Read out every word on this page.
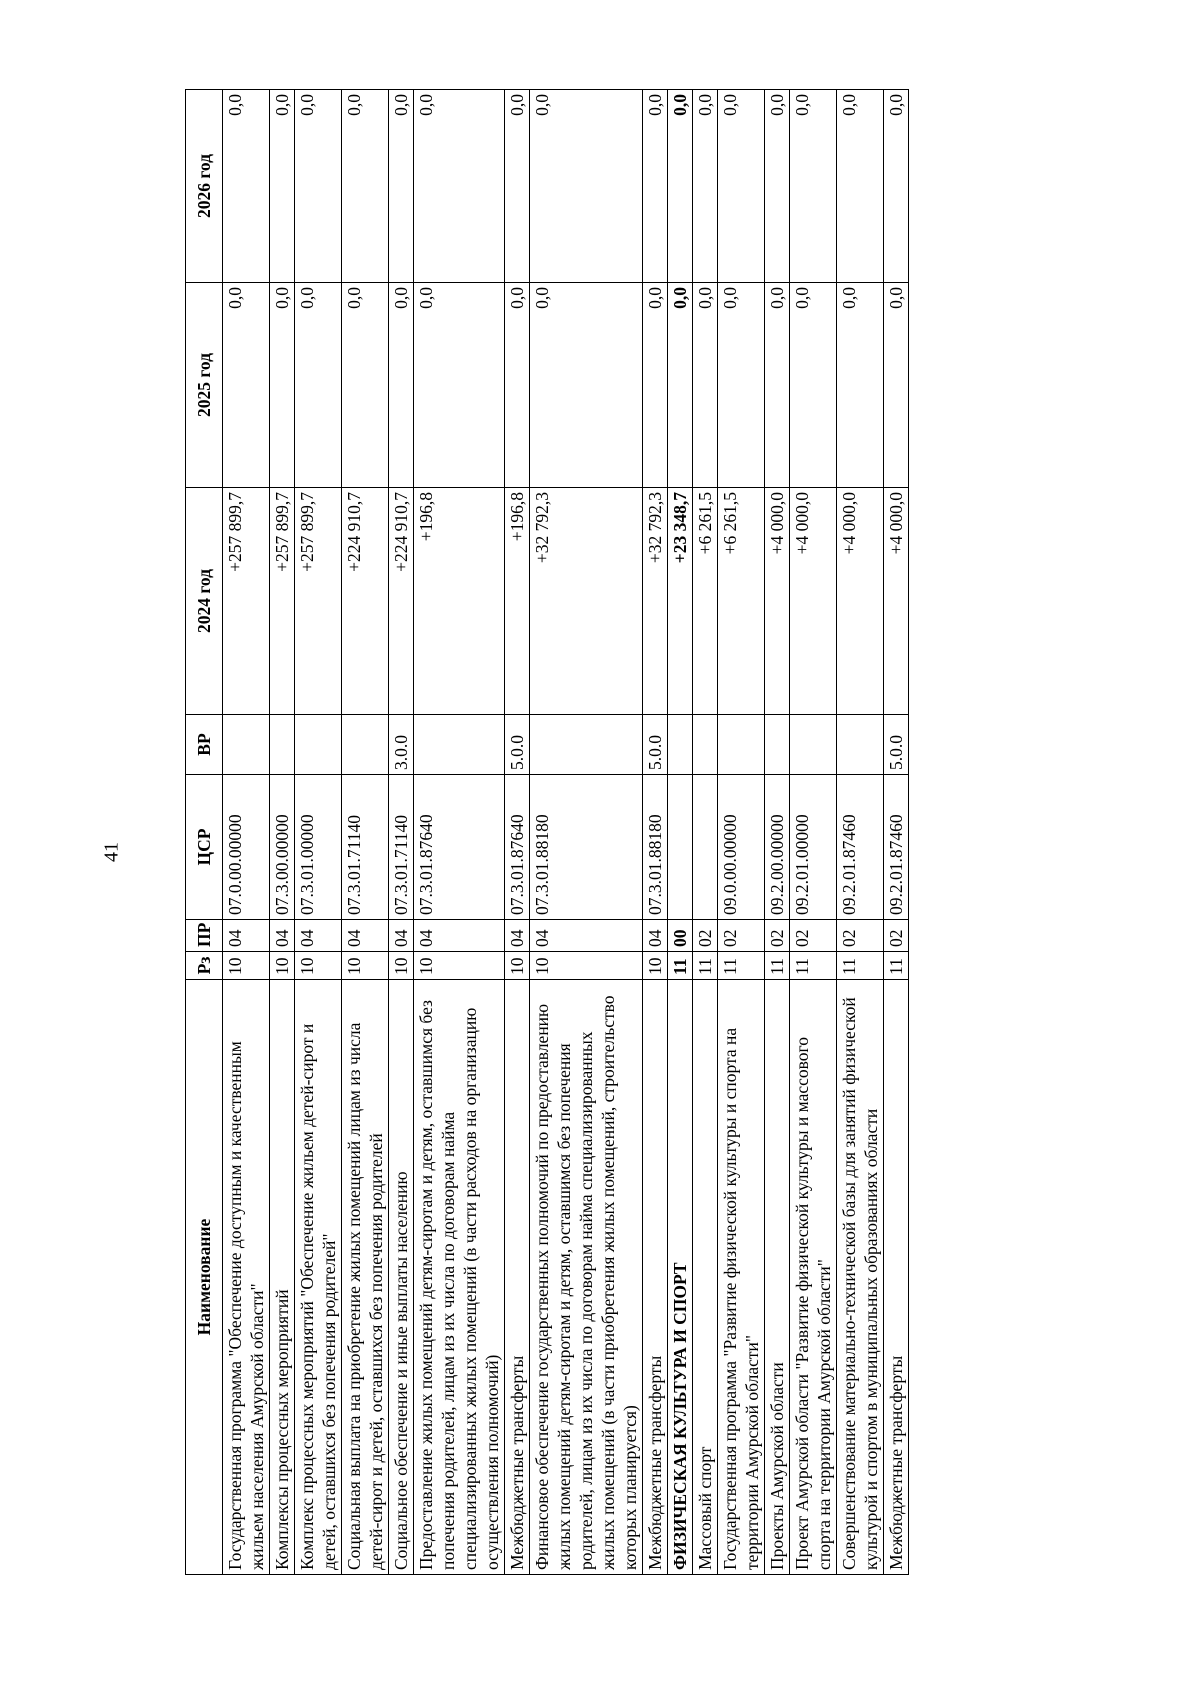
41
Наименование	Рз	ПР	ЦСР	ВР	2024 год	2025 год	2026 год
Государственная программа "Обеспечение доступным и качественным жильем населения Амурской области"	10	04	07.0.00.00000		+257 899,7	0,0	0,0
Комплексы процессных мероприятий	10	04	07.3.00.00000		+257 899,7	0,0	0,0
Комплекс процессных мероприятий "Обеспечение жильем детей-сирот и детей, оставшихся без попечения родителей"	10	04	07.3.01.00000		+257 899,7	0,0	0,0
Социальная выплата на приобретение жилых помещений лицам из числа детей-сирот и детей, оставшихся без попечения родителей	10	04	07.3.01.71140		+224 910,7	0,0	0,0
Социальное обеспечение и иные выплаты населению	10	04	07.3.01.71140	3.0.0	+224 910,7	0,0	0,0
Предоставление жилых помещений детям-сиротам и детям, оставшимся без попечения родителей, лицам из их числа по договорам найма специализированных жилых помещений (в части расходов на организацию осуществления полномочий)	10	04	07.3.01.87640		+196,8	0,0	0,0
Межбюджетные трансферты	10	04	07.3.01.87640	5.0.0	+196,8	0,0	0,0
Финансовое обеспечение государственных полномочий по предоставлению жилых помещений детям-сиротам и детям, оставшимся без попечения родителей, лицам из их числа по договорам найма специализированных жилых помещений (в части приобретения жилых помещений, строительство которых планируется)	10	04	07.3.01.88180		+32 792,3	0,0	0,0
Межбюджетные трансферты	10	04	07.3.01.88180	5.0.0	+32 792,3	0,0	0,0
ФИЗИЧЕСКАЯ КУЛЬТУРА И СПОРТ	11	00			+23 348,7	0,0	0,0
Массовый спорт	11	02			+6 261,5	0,0	0,0
Государственная программа "Развитие физической культуры и спорта на территории Амурской области"	11	02	09.0.00.00000		+6 261,5	0,0	0,0
Проекты Амурской области	11	02	09.2.00.00000		+4 000,0	0,0	0,0
Проект Амурской области "Развитие физической культуры и массового спорта на территории Амурской области"	11	02	09.2.01.00000		+4 000,0	0,0	0,0
Совершенствование материально-технической базы для занятий физической культурой и спортом в муниципальных образованиях области	11	02	09.2.01.87460		+4 000,0	0,0	0,0
Межбюджетные трансферты	11	02	09.2.01.87460	5.0.0	+4 000,0	0,0	0,0
